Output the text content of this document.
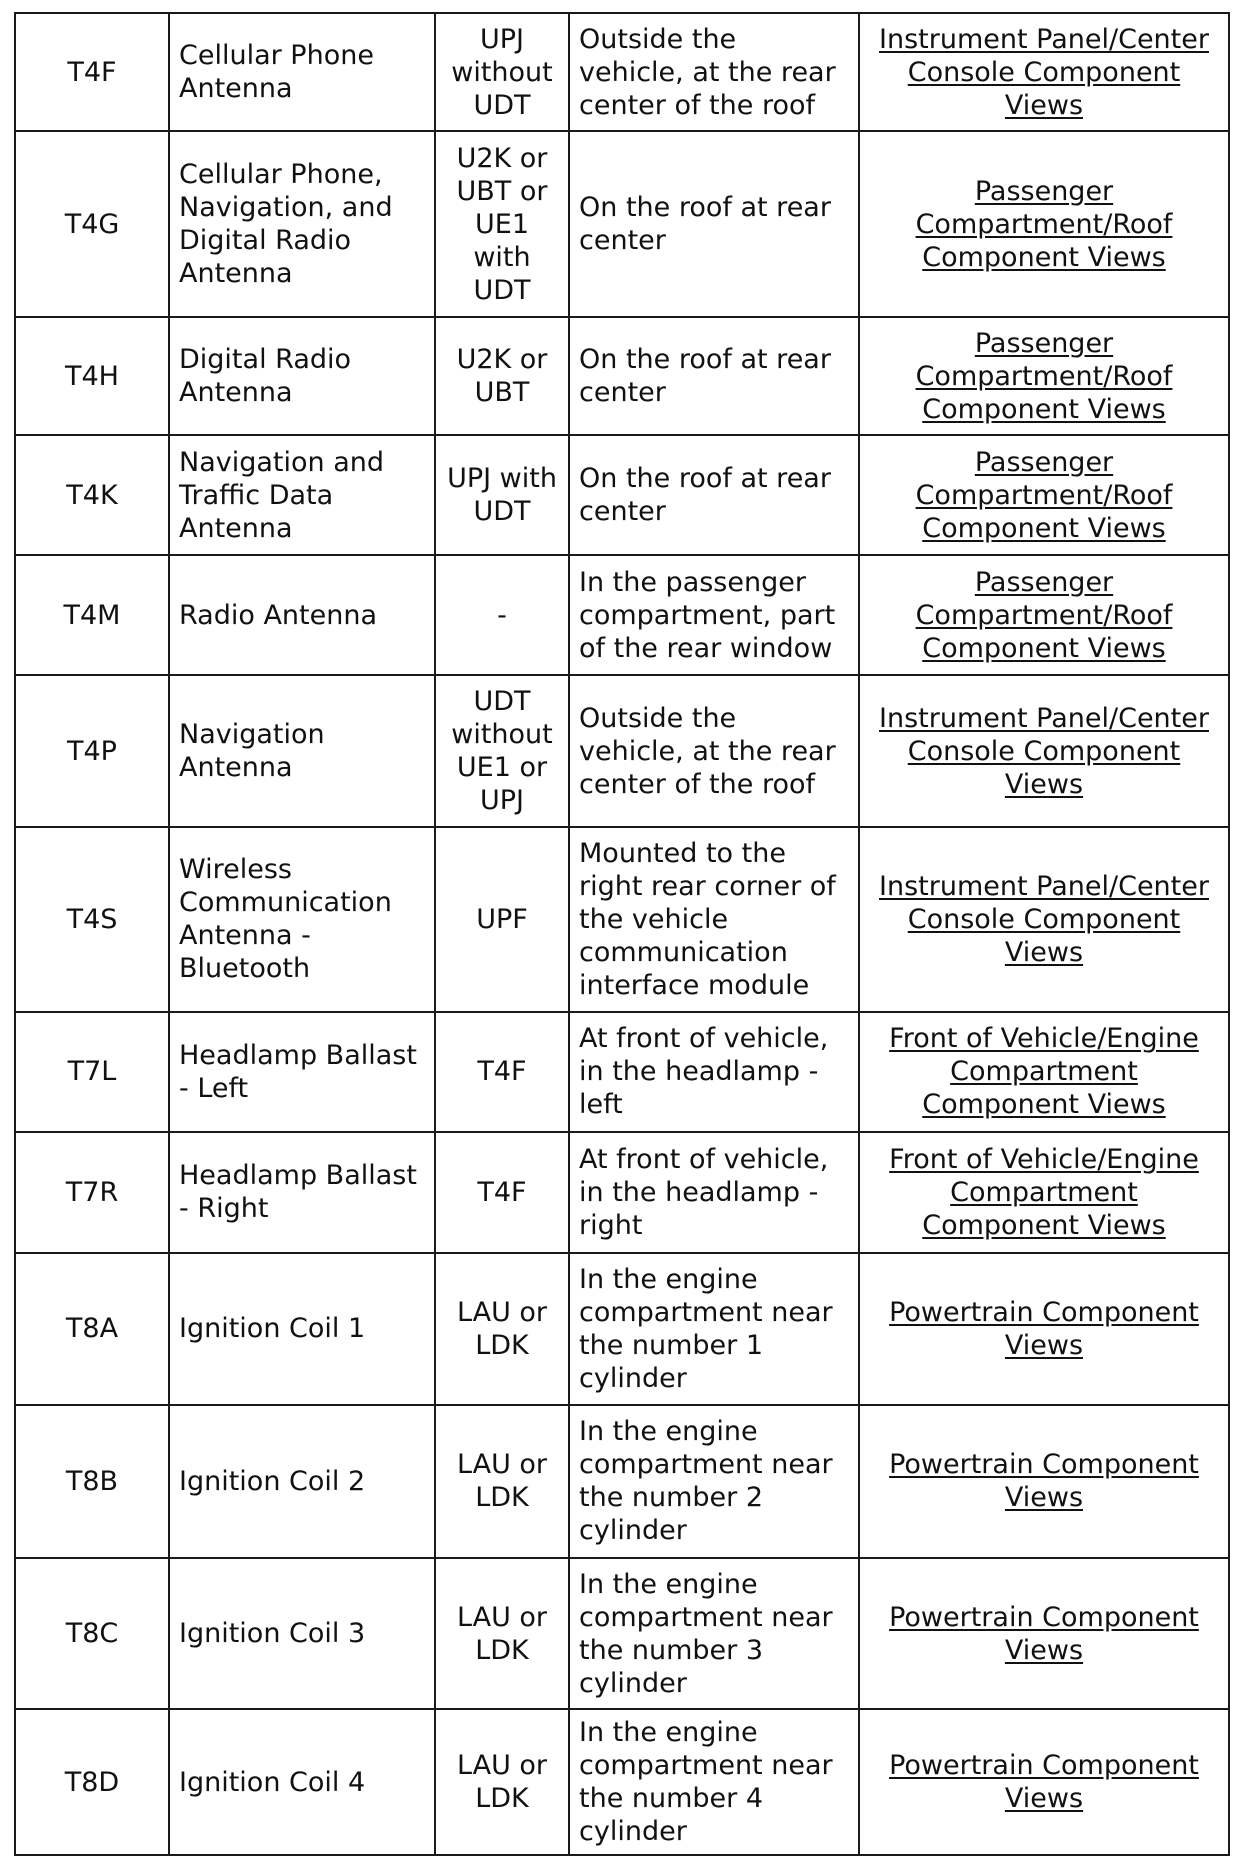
T4F	Cellular Phone Antenna	UPJ without UDT	Outside the vehicle, at the rear center of the roof	Instrument Panel/Center Console Component Views
T4G	Cellular Phone, Navigation, and Digital Radio Antenna	U2K or UBT or UE1 with UDT	On the roof at rear center	Passenger Compartment/Roof Component Views
T4H	Digital Radio Antenna	U2K or UBT	On the roof at rear center	Passenger Compartment/Roof Component Views
T4K	Navigation and Traffic Data Antenna	UPJ with UDT	On the roof at rear center	Passenger Compartment/Roof Component Views
T4M	Radio Antenna	-	In the passenger compartment, part of the rear window	Passenger Compartment/Roof Component Views
T4P	Navigation Antenna	UDT without UE1 or UPJ	Outside the vehicle, at the rear center of the roof	Instrument Panel/Center Console Component Views
T4S	Wireless Communication Antenna - Bluetooth	UPF	Mounted to the right rear corner of the vehicle communication interface module	Instrument Panel/Center Console Component Views
T7L	Headlamp Ballast - Left	T4F	At front of vehicle, in the headlamp - left	Front of Vehicle/Engine Compartment Component Views
T7R	Headlamp Ballast - Right	T4F	At front of vehicle, in the headlamp - right	Front of Vehicle/Engine Compartment Component Views
T8A	Ignition Coil 1	LAU or LDK	In the engine compartment near the number 1 cylinder	Powertrain Component Views
T8B	Ignition Coil 2	LAU or LDK	In the engine compartment near the number 2 cylinder	Powertrain Component Views
T8C	Ignition Coil 3	LAU or LDK	In the engine compartment near the number 3 cylinder	Powertrain Component Views
T8D	Ignition Coil 4	LAU or LDK	In the engine compartment near the number 4 cylinder	Powertrain Component Views
